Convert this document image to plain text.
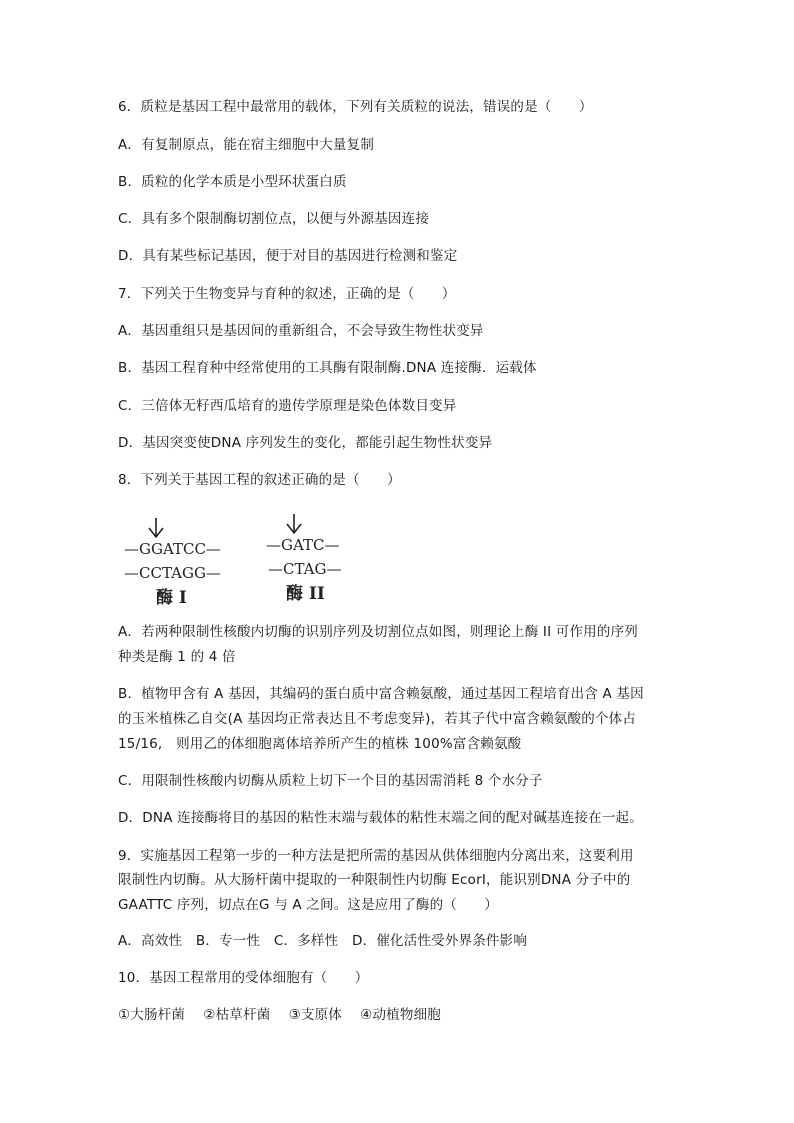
6．质粒是基因工程中最常用的载体，下列有关质粒的说法，错误的是（　　）
A．有复制原点，能在宿主细胞中大量复制
B．质粒的化学本质是小型环状蛋白质
C．具有多个限制酶切割位点，以便与外源基因连接
D．具有某些标记基因，便于对目的基因进行检测和鉴定
7．下列关于生物变异与育种的叙述，正确的是（　　）
A．基因重组只是基因间的重新组合，不会导致生物性状变异
B．基因工程育种中经常使用的工具酶有限制酶.DNA 连接酶．运载体
C．三倍体无籽西瓜培育的遗传学原理是染色体数目变异
D．基因突变使DNA 序列发生的变化，都能引起生物性状变异
8．下列关于基因工程的叙述正确的是（　　）
—GGATCC—
—CCTAGG—
酶 I
—GATC—
—CTAG—
酶 II
A．若两种限制性核酸内切酶的识别序列及切割位点如图，则理论上酶 II 可作用的序列
种类是酶 1 的 4 倍
B．植物甲含有 A 基因，其编码的蛋白质中富含赖氨酸，通过基因工程培育出含 A 基因
的玉米植株乙自交(A 基因均正常表达且不考虑变异)，若其子代中富含赖氨酸的个体占
15/16,　则用乙的体细胞离体培养所产生的植株 100%富含赖氨酸
C．用限制性核酸内切酶从质粒上切下一个目的基因需消耗 8 个水分子
D．DNA 连接酶将目的基因的粘性末端与载体的粘性末端之间的配对碱基连接在一起。
9．实施基因工程第一步的一种方法是把所需的基因从供体细胞内分离出来，这要利用
限制性内切酶。从大肠杆菌中提取的一种限制性内切酶 EcorI，能识别DNA 分子中的
GAATTC 序列，切点在G 与 A 之间。这是应用了酶的（　　）
A．高效性　B．专一性　C．多样性　D．催化活性受外界条件影响
10．基因工程常用的受体细胞有（　　）
①大肠杆菌　 ②枯草杆菌　 ③支原体　 ④动植物细胞
